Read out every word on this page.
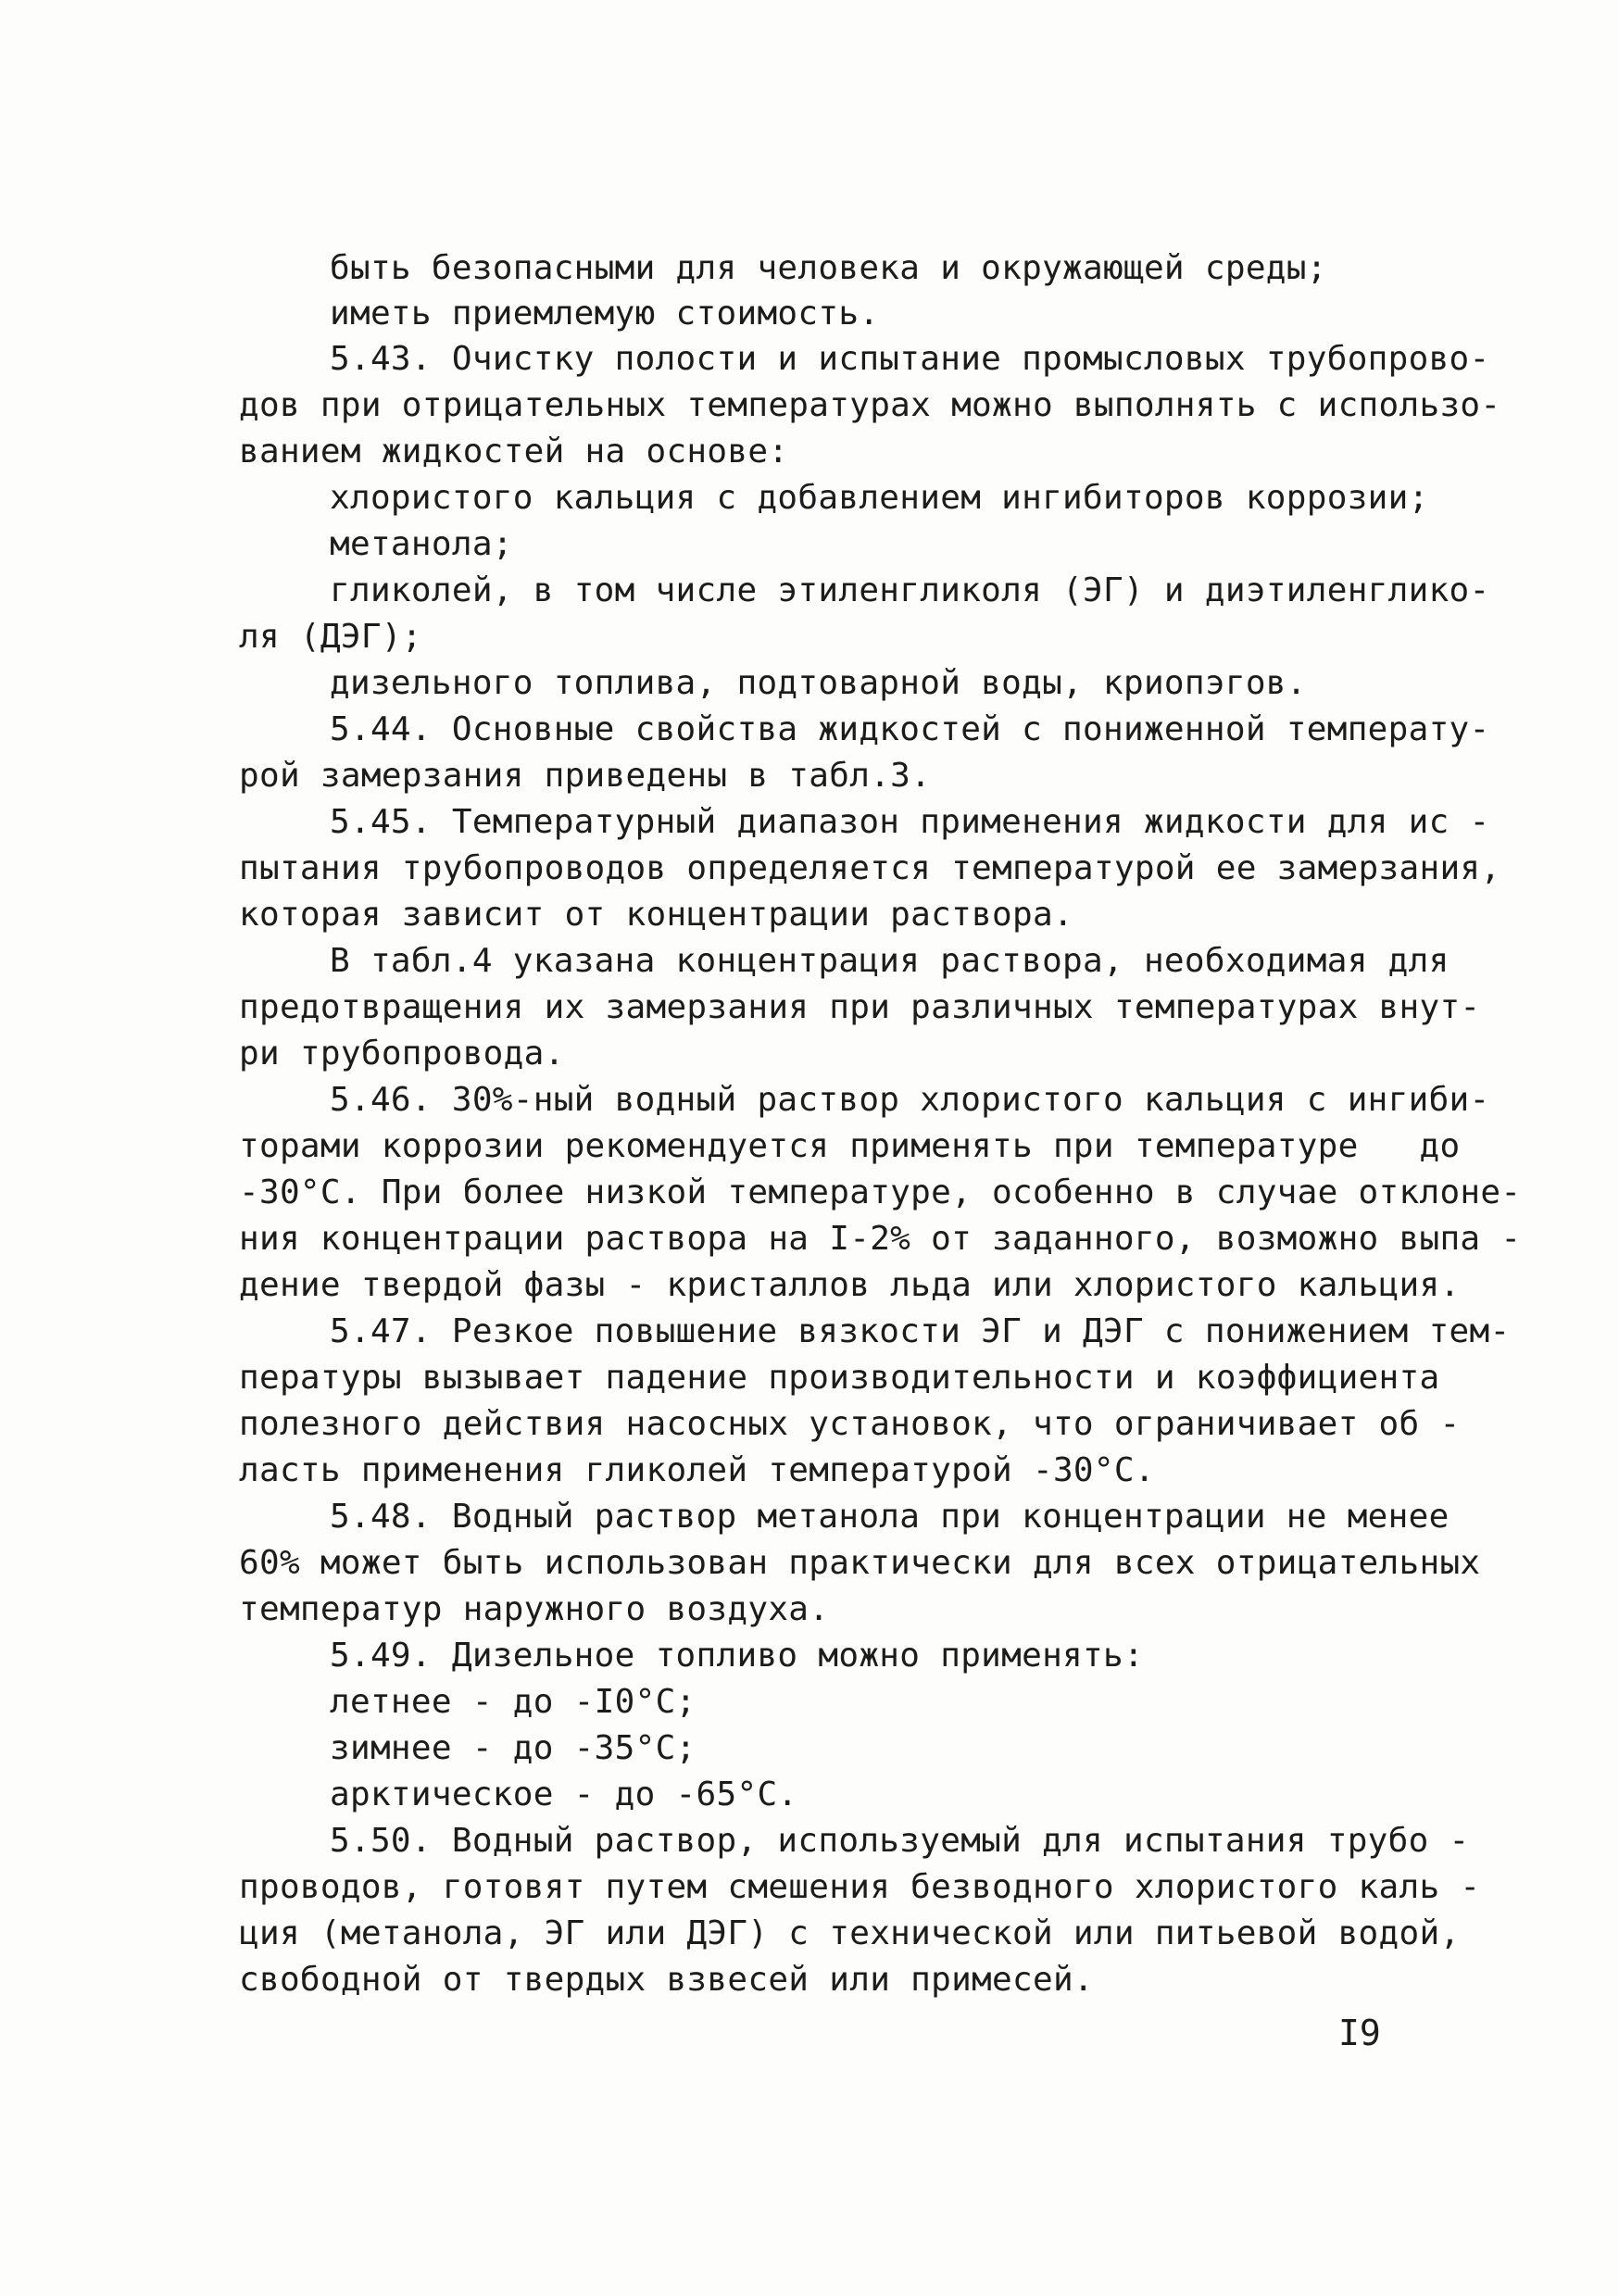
быть безопасными для человека и окружающей среды;
иметь приемлемую стоимость.
5.43. Очистку полости и испытание промысловых трубопрово-
дов при отрицательных температурах можно выполнять с использо-
ванием жидкостей на основе:
хлористого кальция с добавлением ингибиторов коррозии;
метанола;
гликолей, в том числе этиленгликоля (ЭГ) и диэтиленглико-
ля (ДЭГ);
дизельного топлива, подтоварной воды, криопэгов.
5.44. Основные свойства жидкостей с пониженной температу-
рой замерзания приведены в табл.3.
5.45. Температурный диапазон применения жидкости для ис -
пытания трубопроводов определяется температурой ее замерзания,
которая зависит от концентрации раствора.
В табл.4 указана концентрация раствора, необходимая для
предотвращения их замерзания при различных температурах внут-
ри трубопровода.
5.46. 30%-ный водный раствор хлористого кальция с ингиби-
торами коррозии рекомендуется применять при температуре   до
-30°С. При более низкой температуре, особенно в случае отклоне-
ния концентрации раствора на I-2% от заданного, возможно выпа -
дение твердой фазы - кристаллов льда или хлористого кальция.
5.47. Резкое повышение вязкости ЭГ и ДЭГ с понижением тем-
пературы вызывает падение производительности и коэффициента
полезного действия насосных установок, что ограничивает об -
ласть применения гликолей температурой -30°С.
5.48. Водный раствор метанола при концентрации не менее
60% может быть использован практически для всех отрицательных
температур наружного воздуха.
5.49. Дизельное топливо можно применять:
летнее - до -I0°С;
зимнее - до -35°С;
арктическое - до -65°С.
5.50. Водный раствор, используемый для испытания трубо -
проводов, готовят путем смешения безводного хлористого каль -
ция (метанола, ЭГ или ДЭГ) с технической или питьевой водой,
свободной от твердых взвесей или примесей.
I9
